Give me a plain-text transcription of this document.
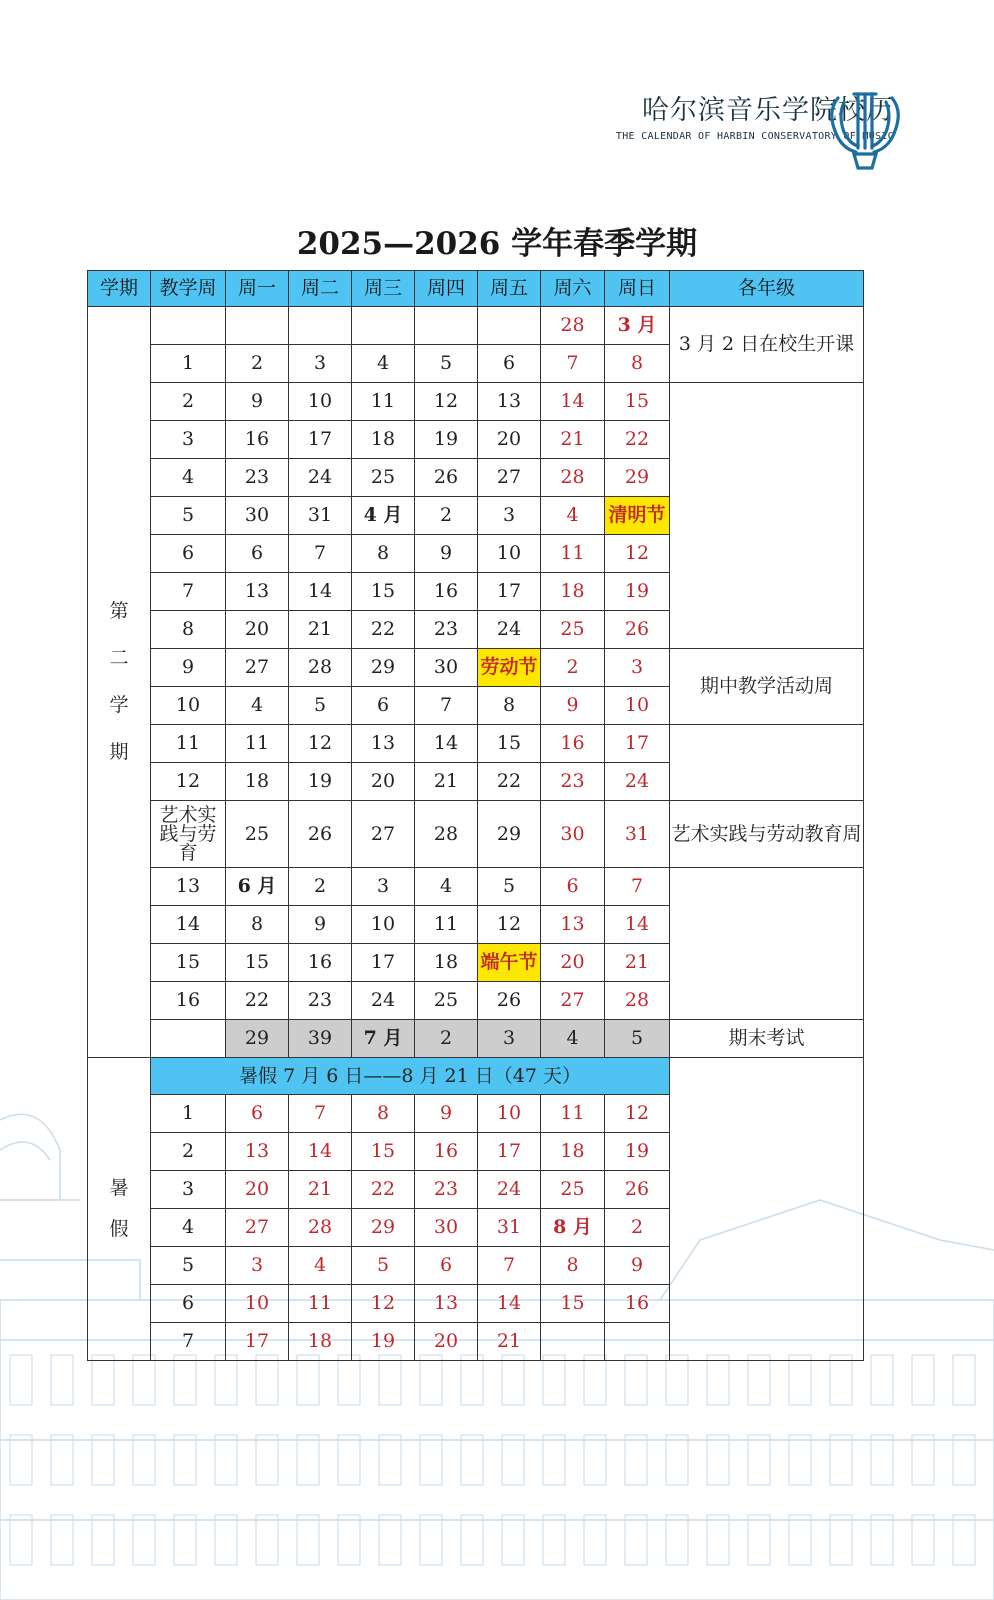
哈尔滨音乐学院校历
THE CALENDAR OF HARBIN CONSERVATORY OF MUSIC
2025—2026 学年春季学期
学期	教学周	周一	周二	周三	周四	周五	周六	周日	各年级

第
二
学
期							28	3 月	3 月 2 日在校生开课
	1	2	3	4	5	6	7	8	
	2	9	10	11	12	13	14	15	
	3	16	17	18	19	20	21	22	
	4	23	24	25	26	27	28	29	
	5	30	31	4 月	2	3	4	清明节	
	6	6	7	8	9	10	11	12	
	7	13	14	15	16	17	18	19	
	8	20	21	22	23	24	25	26	
	9	27	28	29	30	劳动节	2	3	期中教学活动周
	10	4	5	6	7	8	9	10	
	11	11	12	13	14	15	16	17	
	12	18	19	20	21	22	23	24	
	艺术实践与劳育	25	26	27	28	29	30	31	艺术实践与劳动教育周
	13	6 月	2	3	4	5	6	7	
	14	8	9	10	11	12	13	14	
	15	15	16	17	18	端午节	20	21	
	16	22	23	24	25	26	27	28	
		29	39	7 月	2	3	4	5	期末考试

暑
假	暑假 7 月 6 日——8 月 21 日（47 天）								
	1	6	7	8	9	10	11	12	
	2	13	14	15	16	17	18	19	
	3	20	21	22	23	24	25	26	
	4	27	28	29	30	31	8 月	2	
	5	3	4	5	6	7	8	9	
	6	10	11	12	13	14	15	16	
	7	17	18	19	20	21			
